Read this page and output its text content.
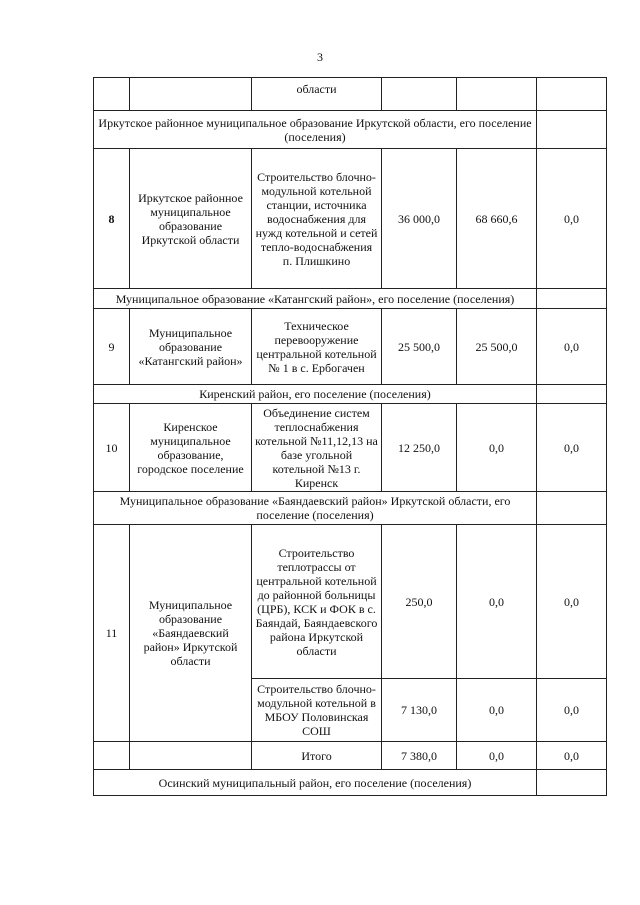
3
		области			
Иркутское районное муниципальное образование Иркутской области, его поселение (поселения)					
8	Иркутское районное муниципальное образование Иркутской области	Строительство блочно-модульной котельной станции, источника водоснабжения для нужд котельной и сетей тепло-водоснабжения п. Плишкино	36 000,0	68 660,6	0,0
Муниципальное образование «Катангский район», его поселение (поселения)					
9	Муниципальное образование «Катангский район»	Техническое перевооружение центральной котельной № 1 в с. Ербогачен	25 500,0	25 500,0	0,0
Киренский район, его поселение (поселения)					
10	Киренское муниципальное образование, городское поселение	Объединение систем теплоснабжения котельной №11,12,13 на базе угольной котельной №13 г. Киренск	12 250,0	0,0	0,0
Муниципальное образование «Баяндаевский район» Иркутской области, его поселение (поселения)					
11	Муниципальное образование «Баяндаевский район» Иркутской области	Строительство теплотрассы от центральной котельной до районной больницы (ЦРБ), КСК и ФОК в с. Баяндай, Баяндаевского района Иркутской области	250,0	0,0	0,0
		Строительство блочно-модульной котельной в МБОУ Половинская СОШ	7 130,0	0,0	0,0
		Итого	7 380,0	0,0	0,0
Осинский муниципальный район, его поселение (поселения)					
